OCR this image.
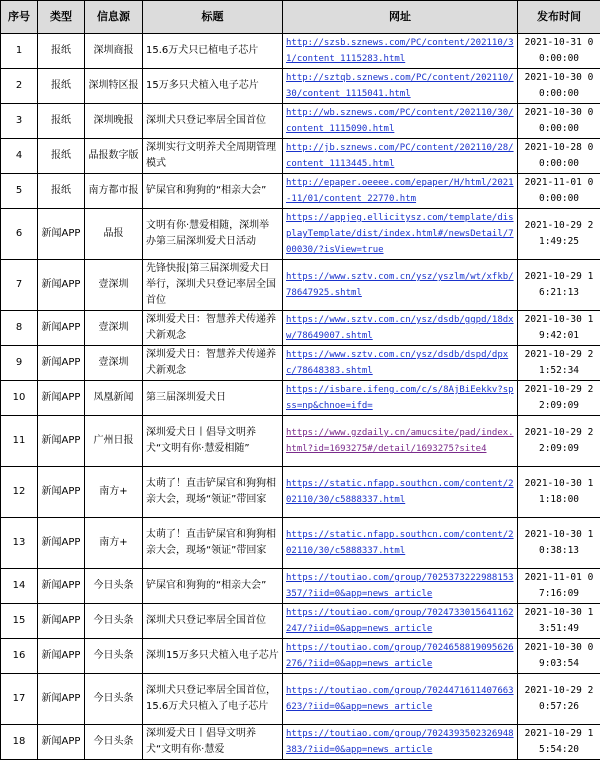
序号	类型	信息源	标题	网址	发布时间
1	报纸	深圳商报	15.6万犬只已植电子芯片	http://szsb.sznews.com/PC/content/202110/31/content_1115283.html	2021-10-31 00:00:00
2	报纸	深圳特区报	15万多只犬植入电子芯片	http://sztqb.sznews.com/PC/content/202110/30/content_1115041.html	2021-10-30 00:00:00
3	报纸	深圳晚报	深圳犬只登记率居全国首位	http://wb.sznews.com/PC/content/202110/30/content_1115090.html	2021-10-30 00:00:00
4	报纸	晶报数字版	深圳实行文明养犬全周期管理模式	http://jb.sznews.com/PC/content/202110/28/content_1113445.html	2021-10-28 00:00:00
5	报纸	南方都市报	铲屎官和狗狗的“相亲大会”	http://epaper.oeeee.com/epaper/H/html/2021-11/01/content_22770.htm	2021-11-01 00:00:00
6	新闻APP	晶报	文明有你·慧爱相随，深圳举办第三届深圳爱犬日活动	https://appjeg.ellicitysz.com/template/displayTemplate/dist/index.html#/newsDetail/700030/?isView=true	2021-10-29 21:49:25
7	新闻APP	壹深圳	先锋快报|第三届深圳爱犬日举行，深圳犬只登记率居全国首位	https://www.sztv.com.cn/ysz/yszlm/wt/xfkb/78647925.shtml	2021-10-29 16:21:13
8	新闻APP	壹深圳	深圳爱犬日：智慧养犬传递养犬新观念	https://www.sztv.com.cn/ysz/dsdb/ggpd/18dxw/78649007.shtml	2021-10-30 19:42:01
9	新闻APP	壹深圳	深圳爱犬日：智慧养犬传递养犬新观念	https://www.sztv.com.cn/ysz/dsdb/dspd/dpxc/78648383.shtml	2021-10-29 21:52:34
10	新闻APP	凤凰新闻	第三届深圳爱犬日	https://isbare.ifeng.com/c/s/8AjBiEekkv?spss=np&chnoe=ifd=	2021-10-29 22:09:09
11	新闻APP	广州日报	深圳爱犬日丨倡导文明养犬“文明有你·慧爱相随”	https://www.gzdaily.cn/amucsite/pad/index.html?id=1693275#/detail/1693275?site4	2021-10-29 22:09:09
12	新闻APP	南方+	太萌了！直击铲屎官和狗狗相亲大会，现场“领证”带回家	https://static.nfapp.southcn.com/content/202110/30/c5888337.html	2021-10-30 11:18:00
13	新闻APP	南方+	太萌了！直击铲屎官和狗狗相亲大会，现场“领证”带回家	https://static.nfapp.southcn.com/content/202110/30/c5888337.html	2021-10-30 10:38:13
14	新闻APP	今日头条	铲屎官和狗狗的“相亲大会”	https://toutiao.com/group/7025373222988153357/?iid=0&app=news_article	2021-11-01 07:16:09
15	新闻APP	今日头条	深圳犬只登记率居全国首位	https://toutiao.com/group/7024733015641162247/?iid=0&app=news_article	2021-10-30 13:51:49
16	新闻APP	今日头条	深圳15万多只犬植入电子芯片	https://toutiao.com/group/7024658819095626276/?iid=0&app=news_article	2021-10-30 09:03:54
17	新闻APP	今日头条	深圳犬只登记率居全国首位，15.6万犬只植入了电子芯片	https://toutiao.com/group/7024471611407663623/?iid=0&app=news_article	2021-10-29 20:57:26
18	新闻APP	今日头条	深圳爱犬日丨倡导文明养犬“文明有你·慧爱	https://toutiao.com/group/7024393502326948383/?iid=0&app=news_article	2021-10-29 15:54:20
